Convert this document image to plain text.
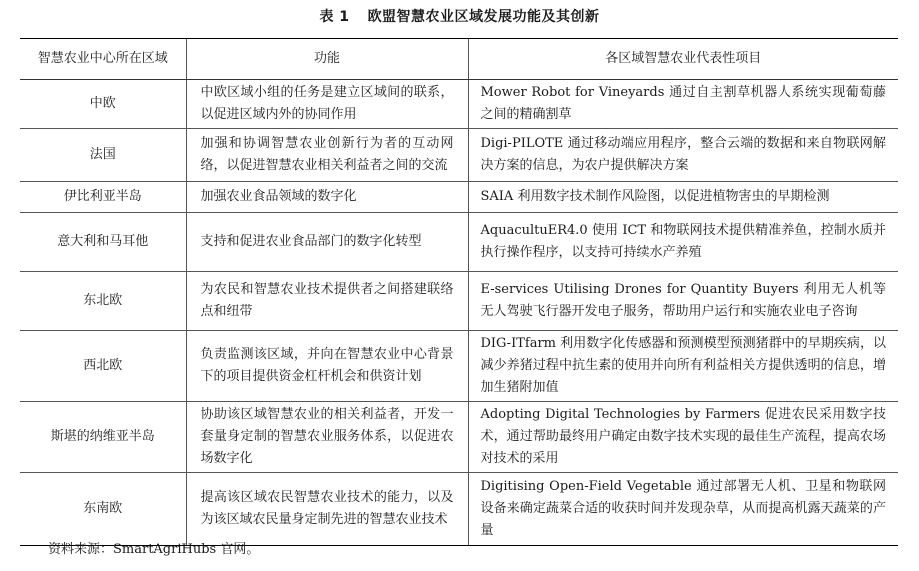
表 1 欧盟智慧农业区域发展功能及其创新
智慧农业中心所在区域	功能	各区域智慧农业代表性项目
中欧	中欧区域小组的任务是建立区域间的联系，以促进区域内外的协同作用	Mower Robot for Vineyards 通过自主割草机器人系统实现葡萄藤之间的精确割草
法国	加强和协调智慧农业创新行为者的互动网络，以促进智慧农业相关利益者之间的交流	Digi-PILOTE 通过移动端应用程序，整合云端的数据和来自物联网解决方案的信息，为农户提供解决方案
伊比利亚半岛	加强农业食品领域的数字化	SAIA 利用数字技术制作风险图，以促进植物害虫的早期检测
意大利和马耳他	支持和促进农业食品部门的数字化转型	AquacultuER4.0 使用 ICT 和物联网技术提供精准养鱼，控制水质并执行操作程序，以支持可持续水产养殖
东北欧	为农民和智慧农业技术提供者之间搭建联络点和纽带	E-services Utilising Drones for Quantity Buyers 利用无人机等无人驾驶飞行器开发电子服务，帮助用户运行和实施农业电子咨询
西北欧	负责监测该区域，并向在智慧农业中心背景下的项目提供资金杠杆机会和供资计划	DIG-ITfarm 利用数字化传感器和预测模型预测猪群中的早期疾病，以减少养猪过程中抗生素的使用并向所有利益相关方提供透明的信息，增加生猪附加值
斯堪的纳维亚半岛	协助该区域智慧农业的相关利益者，开发一套量身定制的智慧农业服务体系，以促进农场数字化	Adopting Digital Technologies by Farmers 促进农民采用数字技术，通过帮助最终用户确定由数字技术实现的最佳生产流程，提高农场对技术的采用
东南欧	提高该区域农民智慧农业技术的能力，以及为该区域农民量身定制先进的智慧农业技术	Digitising Open-Field Vegetable 通过部署无人机、卫星和物联网设备来确定蔬菜合适的收获时间并发现杂草，从而提高机露天蔬菜的产量
资料来源：SmartAgriHubs 官网。
